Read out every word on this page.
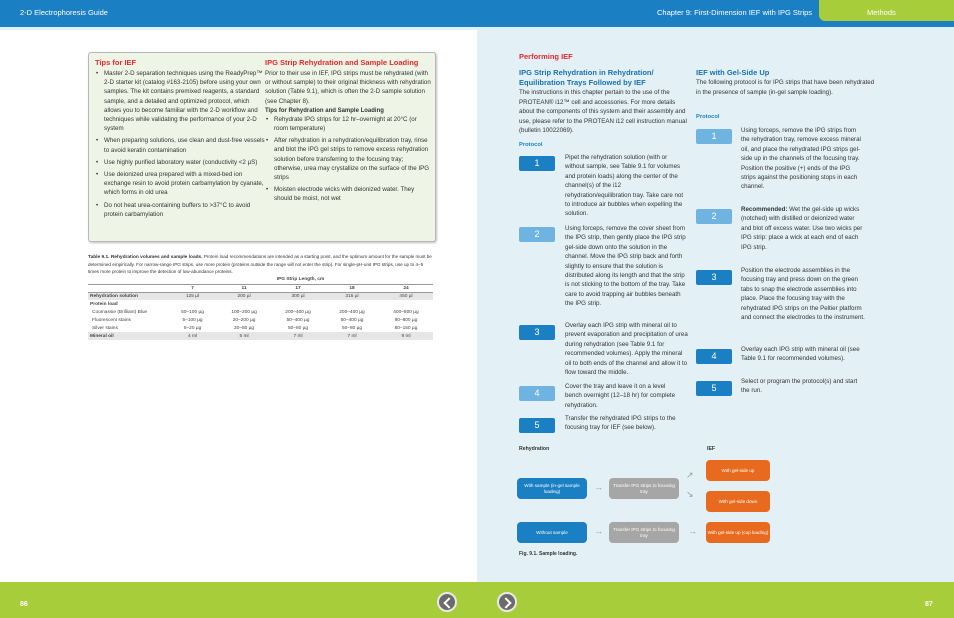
2-D Electrophoresis Guide	Chapter 9: First-Dimension IEF with IPG Strips	Methods
Tips for IEF
• Master 2-D separation techniques using the ReadyPrep™ 2-D starter kit (catalog #163-2105) before using your own samples. The kit contains premixed reagents, a standard sample, and a detailed and optimized protocol, which allows you to become familiar with the 2-D workflow and techniques while validating the performance of your 2-D system
• When preparing solutions, use clean and dust-free vessels to avoid keratin contamination
• Use highly purified laboratory water (conductivity <2 µS)
• Use deionized urea prepared with a mixed-bed ion exchange resin to avoid protein carbamylation by cyanate, which forms in old urea
• Do not heat urea-containing buffers to >37°C to avoid protein carbamylation
IPG Strip Rehydration and Sample Loading

Prior to their use in IEF, IPG strips must be rehydrated (with or without sample) to their original thickness with rehydration solution (Table 9.1), which is often the 2-D sample solution (see Chapter 8).

Tips for Rehydration and Sample Loading
• Rehydrate IPG strips for 12 hr–overnight at 20°C (or room temperature)
• After rehydration in a rehydration/equilibration tray, rinse and blot the IPG gel strips to remove excess rehydration solution before transferring to the focusing tray; otherwise, urea may crystallize on the surface of the IPG strips
• Moisten electrode wicks with deionized water. They should be moist, not wet
Table 9.1. Rehydration volumes and sample loads. Protein load recommendations are intended as a starting point, and the optimum amount for the sample must be determined empirically. For narrow-range IPG strips, use more protein (proteins outside the range will not enter the strip). For single-pH-unit IPG strips, use up to 4–5 times more protein to improve the detection of low-abundance proteins.
	IPG Strip Length, cm				
	7	11	17	18	24
Rehydration solution	125 µl	200 µl	300 µl	315 µl	450 µl
Protein load					
Coomassie (Brilliant) Blue	50–100 µg	100–200 µg	200–400 µg	200–400 µg	400–800 µg
Fluorescent stains	5–100 µg	20–200 µg	50–400 µg	50–400 µg	80–800 µg
Silver stains	5–20 µg	20–50 µg	50–80 µg	50–80 µg	80–150 µg
Mineral oil	4 ml	5 ml	7 ml	7 ml	9 ml
Performing IEF
IPG Strip Rehydration in Rehydration/
Equilibration Trays Followed by IEF

The instructions in this chapter pertain to the use of the PROTEAN® i12™ cell and accessories. For more details about the components of this system and their assembly and use, please refer to the PROTEAN i12 cell instruction manual (bulletin 10022069).

Protocol
1

Pipet the rehydration solution (with or without sample, see Table 9.1 for volumes and protein loads) along the center of the channel(s) of the i12 rehydration/equilibration tray. Take care not to introduce air bubbles when expelling the solution.

2

Using forceps, remove the cover sheet from the IPG strip, then gently place the IPG strip gel-side down onto the solution in the channel. Move the IPG strip back and forth slightly to ensure that the solution is distributed along its length and that the strip is not sticking to the bottom of the tray. Take care to avoid trapping air bubbles beneath the IPG strip.

3

Overlay each IPG strip with mineral oil to prevent evaporation and precipitation of urea during rehydration (see Table 9.1 for recommended volumes). Apply the mineral oil to both ends of the channel and allow it to flow toward the middle.

4

Cover the tray and leave it on a level bench overnight (12–18 hr) for complete rehydration.

5

Transfer the rehydrated IPG strips to the focusing tray for IEF (see below).

IEF with Gel-Side Up

The following protocol is for IPG strips that have been rehydrated in the presence of sample (in-gel sample loading).

Protocol
1

Using forceps, remove the IPG strips from the rehydration tray, remove excess mineral oil, and place the rehydrated IPG strips gel-side up in the channels of the focusing tray. Position the positive (+) ends of the IPG strips against the positioning stops in each channel.

2

Recommended: Wet the gel-side up wicks (notched) with distilled or deionized water and blot off excess water. Use two wicks per IPG strip: place a wick at each end of each IPG strip.

3

Position the electrode assemblies in the focusing tray and press down on the green tabs to snap the electrode assemblies into place. Place the focusing tray with the rehydrated IPG strips on the Peltier platform and connect the electrodes to the instrument.

4

Overlay each IPG strip with mineral oil (see Table 9.1 for recommended volumes).

5

Select or program the protocol(s) and start the run.

Rehydration	IEF
With sample (in-gel sample loading)	→	Transfer IPG strips to focusing tray
↗
↘
With gel-side up
With gel-side down
Without sample	→	Transfer IPG strips to focusing tray	→	With gel-side up (cup loading)
Fig. 9.1. Sample loading.
86	87
